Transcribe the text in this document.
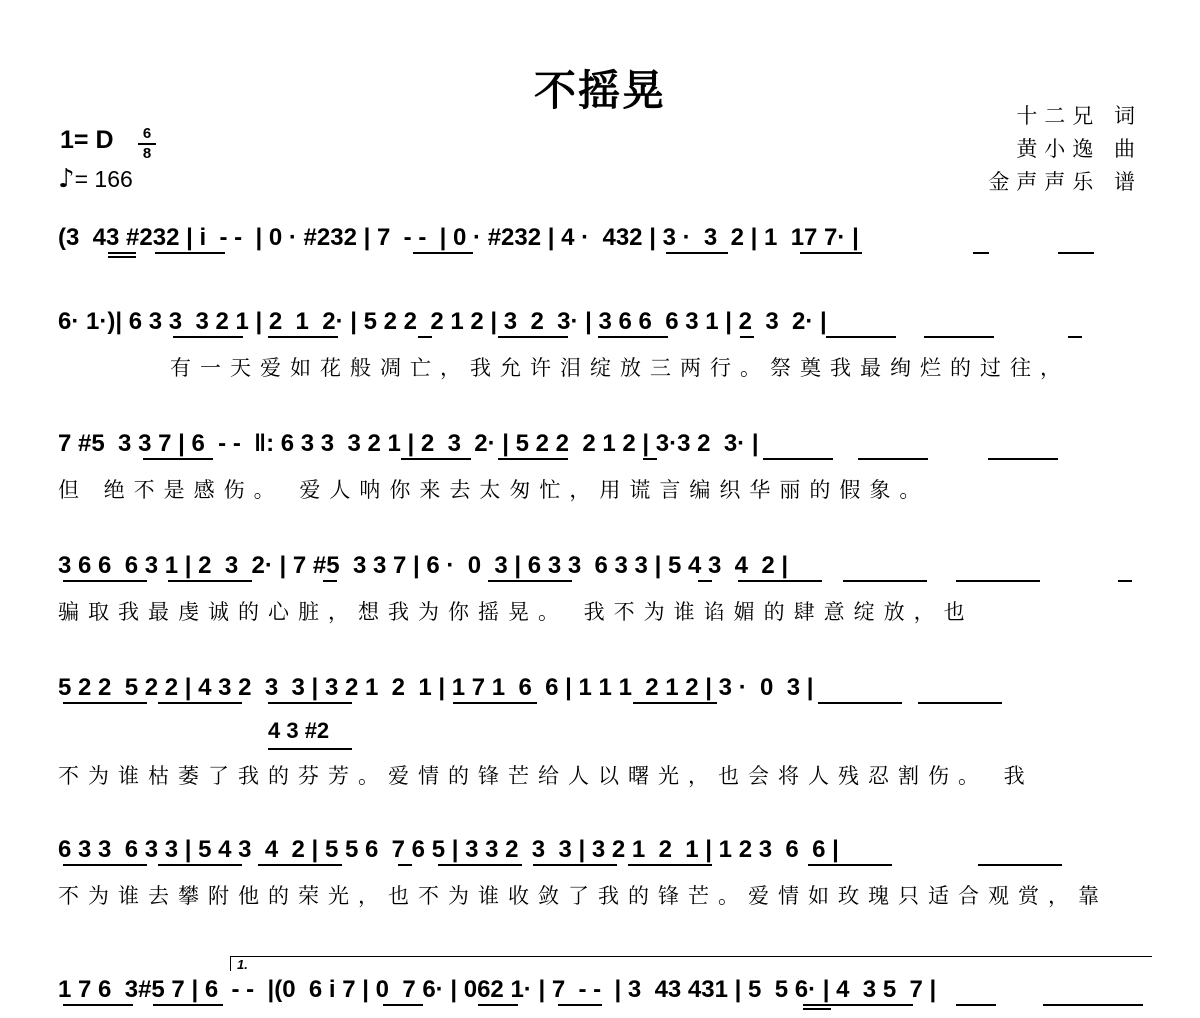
不摇晃
十二兄 词
黄小逸 曲
金声声乐 谱
1= D	6
8
♪= 166
(3  43 #232 | i  - -  | 0 · #232 | 7  - -  | 0 · #232 | 4 ·  432 | 3 ·  3  2 | 1  17 7· |
6· 1·)| 6 3 3  3 2 1 | 2  1  2· | 5 2 2  2 1 2 | 3  2  3· | 3 6 6  6 3 1 | 2  3  2· |
有一天爱如花般凋亡，我允许泪绽放三两行。祭奠我最绚烂的过往，
7 #5  3 3 7 | 6  - -  ‖: 6 3 3  3 2 1 | 2  3  2· | 5 2 2  2 1 2 | 3·3 2  3· |
但 绝不是感伤。 爱人呐你来去太匆忙，用谎言编织华丽的假象。
3 6 6  6 3 1 | 2  3  2· | 7 #5  3 3 7 | 6 ·  0  3 | 6 3 3  6 3 3 | 5 4 3  4  2 |
骗取我最虔诚的心脏，想我为你摇晃。 我不为谁谄媚的肆意绽放，也
5 2 2  5 2 2 | 4 3 2  3  3 | 3 2 1  2  1 | 1 7 1  6  6 | 1 1 1  2 1 2 | 3 ·  0  3 |
4 3 #2
不为谁枯萎了我的芬芳。爱情的锋芒给人以曙光，也会将人残忍割伤。 我
6 3 3  6 3 3 | 5 4 3  4  2 | 5 5 6  7 6 5 | 3 3 2  3  3 | 3 2 1  2  1 | 1 2 3  6  6 |
不为谁去攀附他的荣光，也不为谁收敛了我的锋芒。爱情如玫瑰只适合观赏，靠
1.
1 7 6  3#5 7 | 6  - -  |(0  6 i 7 | 0  7 6· | 062 1· | 7  - -  | 3  43 431 | 5  5 6· | 4  3 5  7 |
